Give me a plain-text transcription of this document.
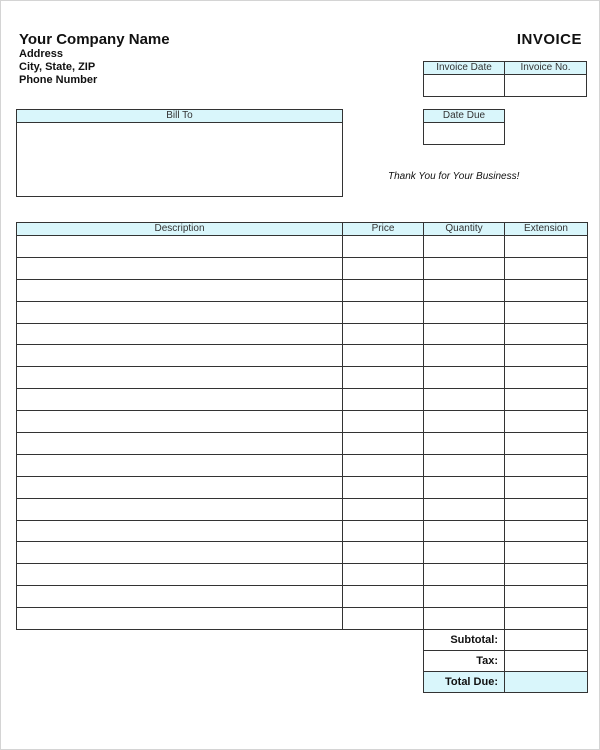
Your Company Name
Address
City, State, ZIP
Phone Number
INVOICE
Invoice Date	Invoice No.
Date Due
Bill To
Thank You for Your Business!
Description	Price	Quantity	Extension

Subtotal:	
Tax:	
Total Due:	
